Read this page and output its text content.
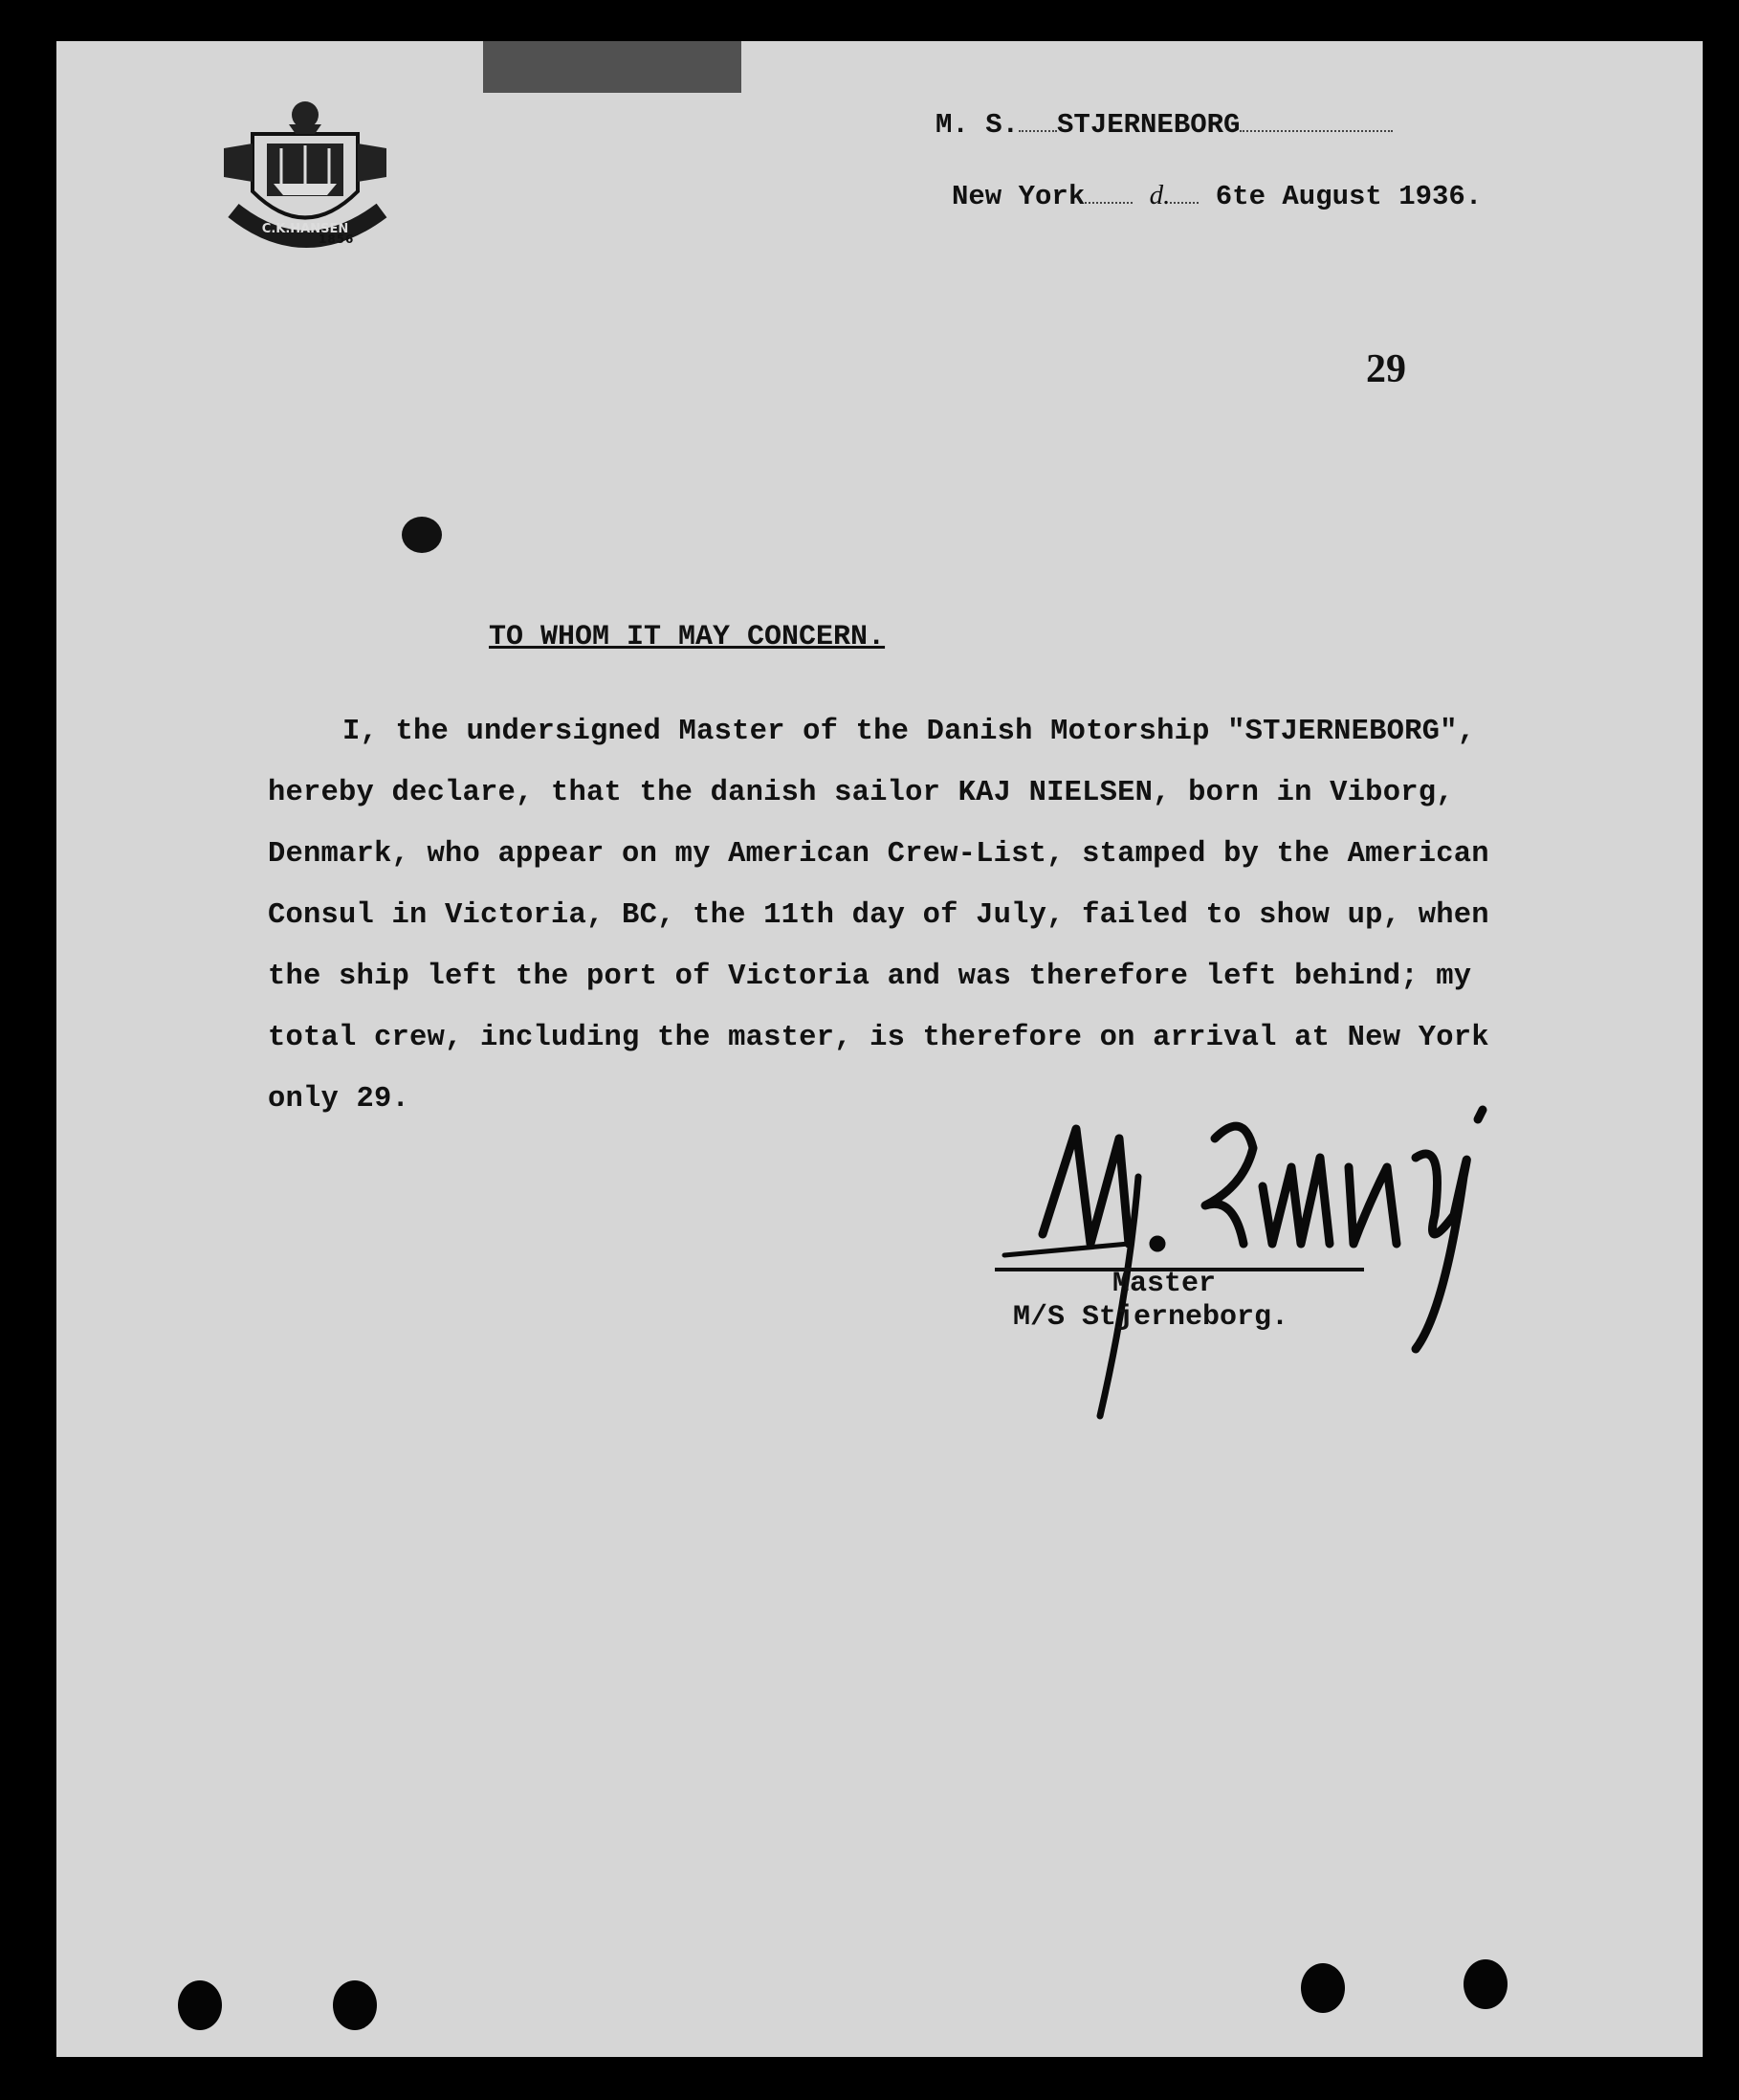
C.K.HANSEN
1856
M. S. STJERNEBORG
New York d. 6te August 1936.
29
TO WHOM IT MAY CONCERN.
I, the undersigned Master of the Danish Motorship "STJERNEBORG",
hereby declare, that the danish sailor KAJ NIELSEN, born in Viborg,
Denmark, who appear on my American Crew-List, stamped by the American
Consul in Victoria, BC, the 11th day of July, failed to show up, when
the ship left the port of Victoria and was therefore left behind; my
total crew, including the master, is therefore on arrival at New York
only 29.
Master
M/S Stjerneborg.
